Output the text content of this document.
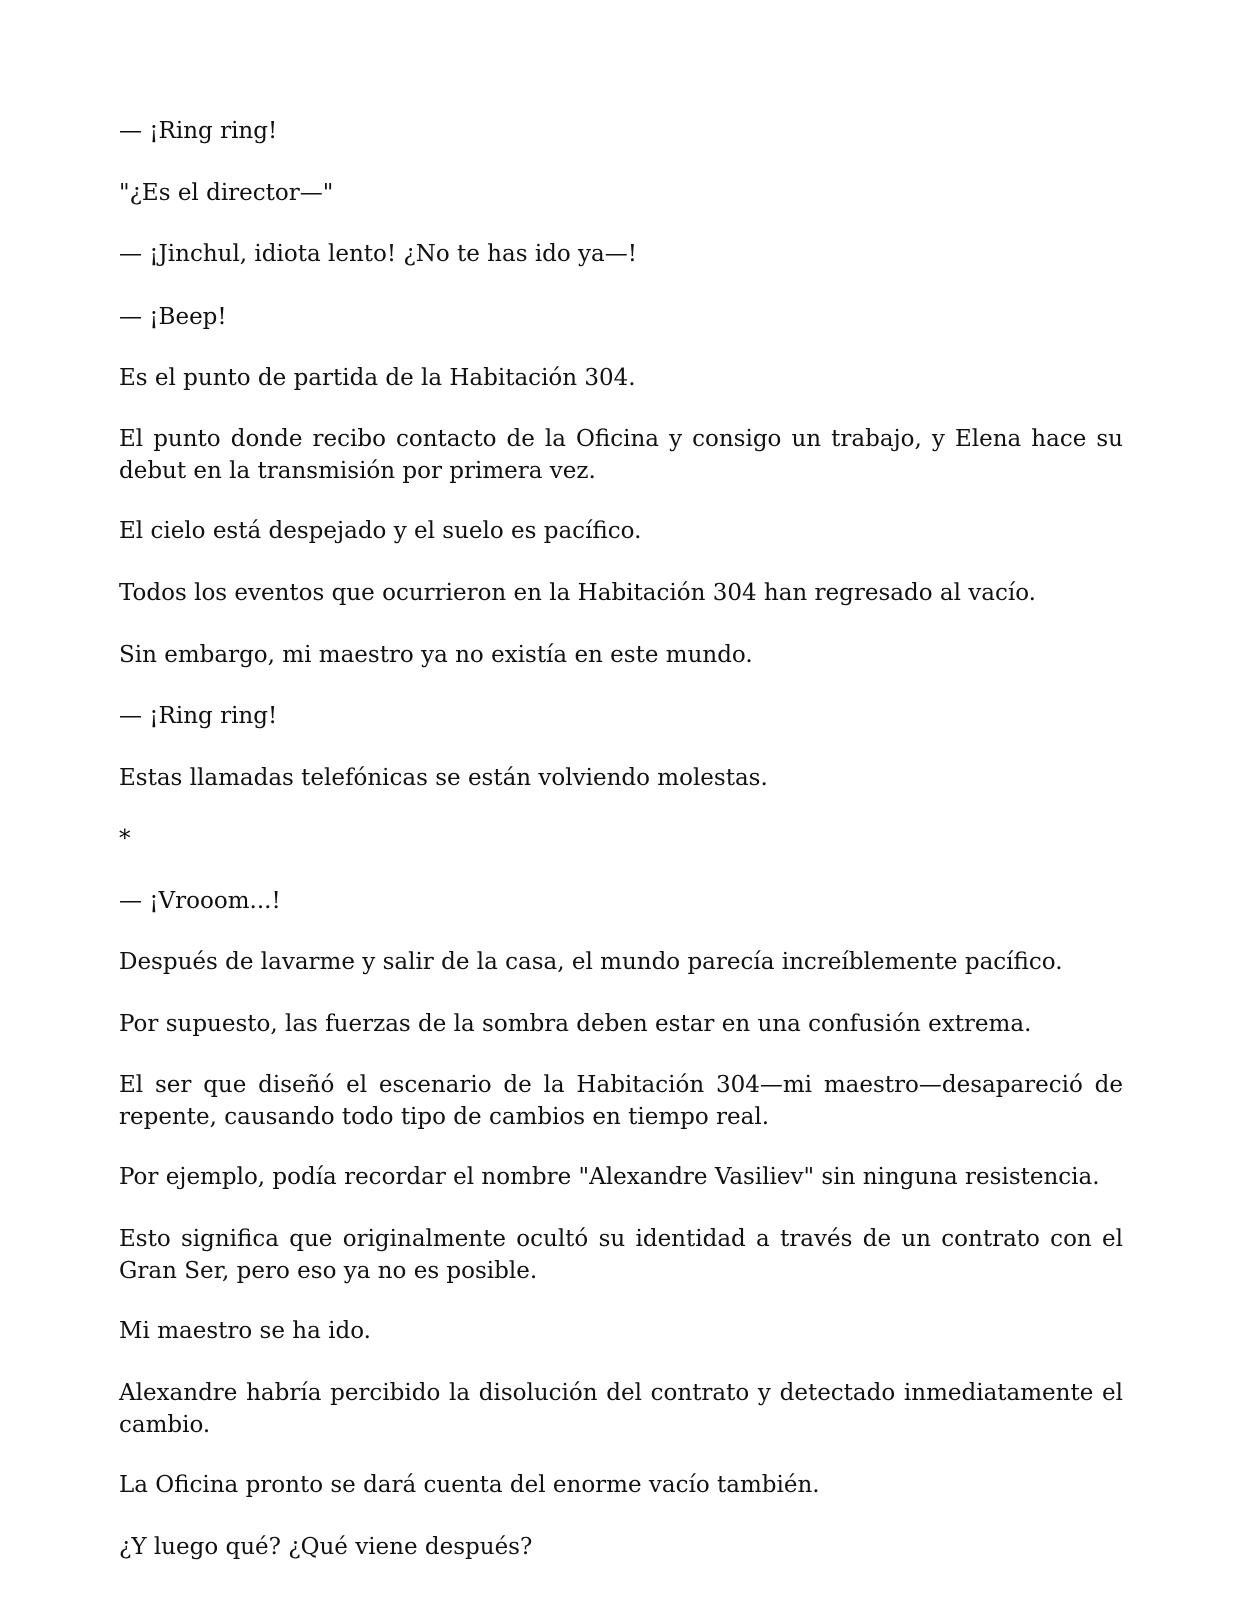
— ¡Ring ring!

"¿Es el director—"

— ¡Jinchul, idiota lento! ¿No te has ido ya—!

— ¡Beep!

Es el punto de partida de la Habitación 304.

El punto donde recibo contacto de la Oficina y consigo un trabajo, y Elena hace su debut en la transmisión por primera vez.

El cielo está despejado y el suelo es pacífico.

Todos los eventos que ocurrieron en la Habitación 304 han regresado al vacío.

Sin embargo, mi maestro ya no existía en este mundo.

— ¡Ring ring!

Estas llamadas telefónicas se están volviendo molestas.

*

— ¡Vrooom...!

Después de lavarme y salir de la casa, el mundo parecía increíblemente pacífico.

Por supuesto, las fuerzas de la sombra deben estar en una confusión extrema.

El ser que diseñó el escenario de la Habitación 304—mi maestro—desapareció de repente, causando todo tipo de cambios en tiempo real.

Por ejemplo, podía recordar el nombre "Alexandre Vasiliev" sin ninguna resistencia.

Esto significa que originalmente ocultó su identidad a través de un contrato con el Gran Ser, pero eso ya no es posible.

Mi maestro se ha ido.

Alexandre habría percibido la disolución del contrato y detectado inmediatamente el cambio.

La Oficina pronto se dará cuenta del enorme vacío también.

¿Y luego qué? ¿Qué viene después?
